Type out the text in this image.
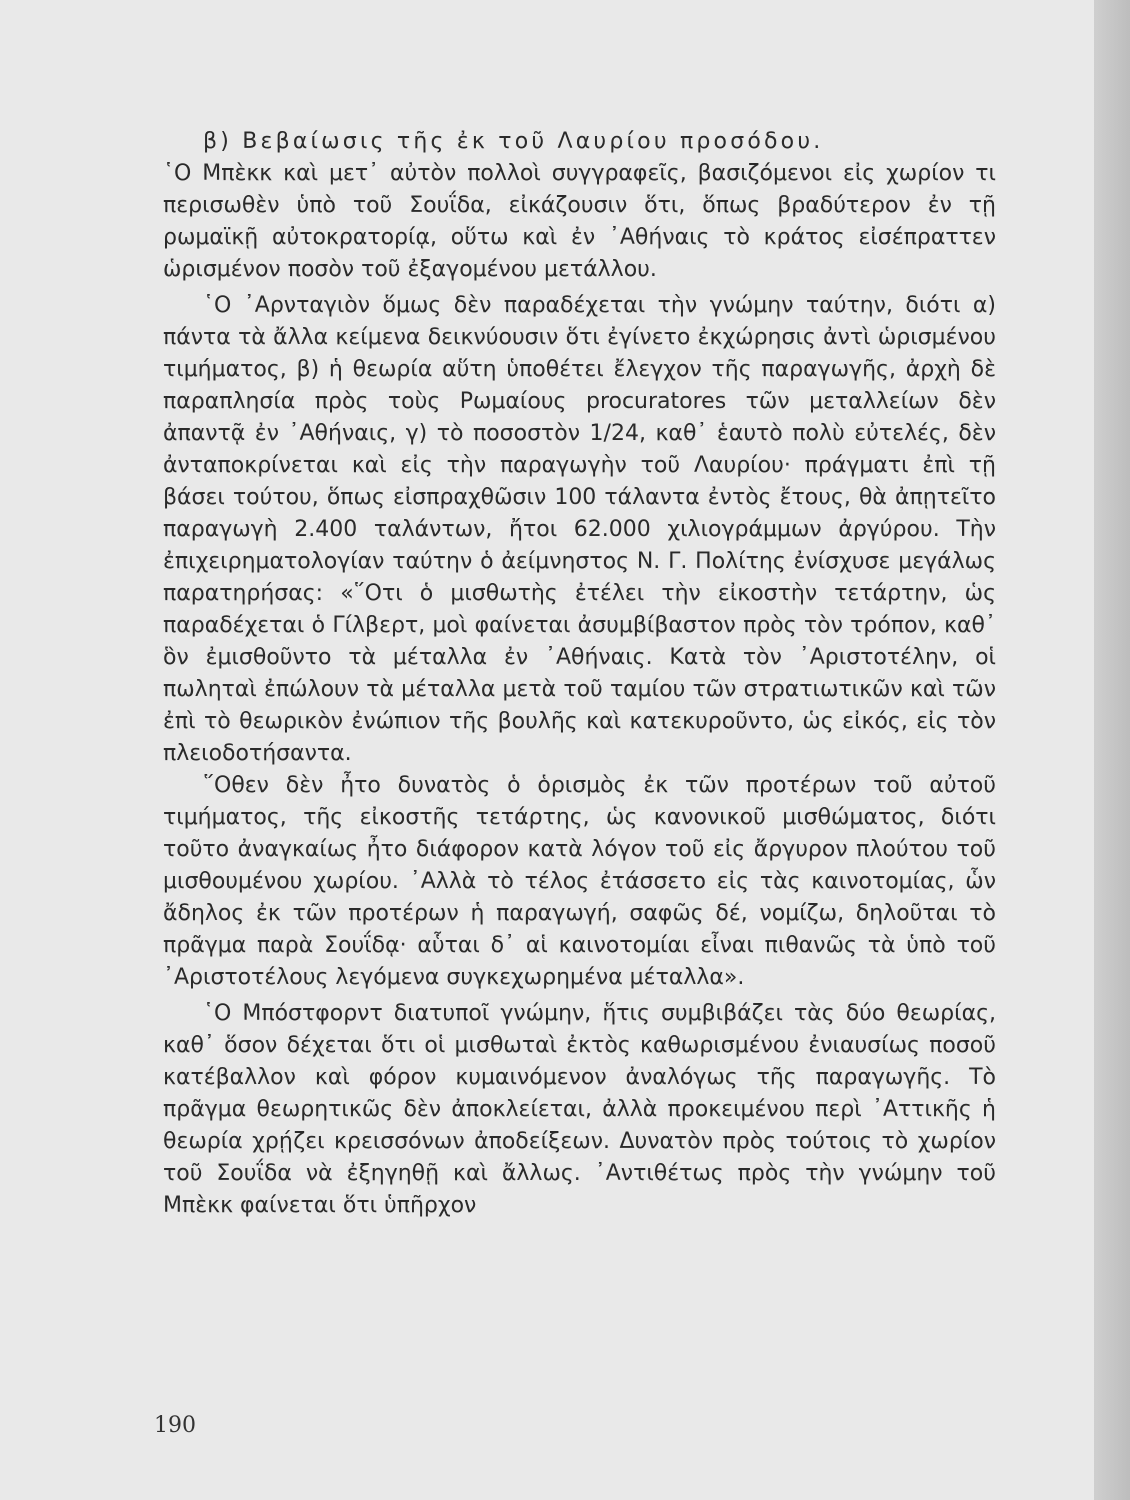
β) Βεβαίωσις τῆς ἐκ τοῦ Λαυρίου προσόδου.

῾Ο Μπὲκκ καὶ μετ᾽ αὐτὸν πολλοὶ συγγραφεῖς, βασιζόμενοι εἰς χωρίον τι περισωθὲν ὑπὸ τοῦ Σουΐδα, εἰκάζουσιν ὅτι, ὅπως βραδύτερον ἐν τῇ ρωμαϊκῇ αὐτοκρατορίᾳ, οὕτω καὶ ἐν ᾿Αθήναις τὸ κράτος εἰσέπραττεν ὡρισμένον ποσὸν τοῦ ἐξαγομένου μετάλλου.

῾Ο ᾿Αρνταγιὸν ὅμως δὲν παραδέχεται τὴν γνώμην ταύτην, διότι α) πάντα τὰ ἄλλα κείμενα δεικνύουσιν ὅτι ἐγίνετο ἐκχώρησις ἀντὶ ὡρισμένου τιμήματος, β) ἡ θεωρία αὕτη ὑποθέτει ἔλεγχον τῆς παραγωγῆς, ἀρχὴ δὲ παραπλησία πρὸς τοὺς Ρωμαίους procuratores τῶν μεταλλείων δὲν ἀπαντᾷ ἐν ᾿Αθήναις, γ) τὸ ποσοστὸν 1/24, καθ᾽ ἑαυτὸ πολὺ εὐτελές, δὲν ἀνταποκρίνεται καὶ εἰς τὴν παραγωγὴν τοῦ Λαυρίου· πράγματι ἐπὶ τῇ βάσει τούτου, ὅπως εἰσπραχθῶσιν 100 τάλαντα ἐντὸς ἔτους, θὰ ἀπῃτεῖτο παραγωγὴ 2.400 ταλάντων, ἤτοι 62.000 χιλιογράμμων ἀργύρου. Τὴν ἐπιχειρηματολογίαν ταύτην ὁ ἀείμνηστος Ν. Γ. Πολίτης ἐνίσχυσε μεγάλως παρατηρήσας: «῞Οτι ὁ μισθωτὴς ἐτέλει τὴν εἰκοστὴν τετάρτην, ὡς παραδέχεται ὁ Γίλβερτ, μοὶ φαίνεται ἀσυμβίβαστον πρὸς τὸν τρόπον, καθ᾽ ὃν ἐμισθοῦντο τὰ μέταλλα ἐν ᾿Αθήναις. Κατὰ τὸν ᾿Αριστοτέλην, οἱ πωληταὶ ἐπώλουν τὰ μέταλλα μετὰ τοῦ ταμίου τῶν στρατιωτικῶν καὶ τῶν ἐπὶ τὸ θεωρικὸν ἐνώπιον τῆς βουλῆς καὶ κατεκυροῦντο, ὡς εἰκός, εἰς τὸν πλειοδοτήσαντα.

῞Οθεν δὲν ἦτο δυνατὸς ὁ ὁρισμὸς ἐκ τῶν προτέρων τοῦ αὐτοῦ τιμήματος, τῆς εἰκοστῆς τετάρτης, ὡς κανονικοῦ μισθώματος, διότι τοῦτο ἀναγκαίως ἦτο διάφορον κατὰ λόγον τοῦ εἰς ἄργυρον πλούτου τοῦ μισθουμένου χωρίου. ᾿Αλλὰ τὸ τέλος ἐτάσσετο εἰς τὰς καινοτομίας, ὧν ἄδηλος ἐκ τῶν προτέρων ἡ παραγωγή, σαφῶς δέ, νομίζω, δηλοῦται τὸ πρᾶγμα παρὰ Σουΐδᾳ· αὗται δ᾽ αἱ καινοτομίαι εἶναι πιθανῶς τὰ ὑπὸ τοῦ ᾿Αριστοτέλους λεγόμενα συγκεχωρημένα μέταλλα».

῾Ο Μπόστφορντ διατυποῖ γνώμην, ἥτις συμβιβάζει τὰς δύο θεωρίας, καθ᾽ ὅσον δέχεται ὅτι οἱ μισθωταὶ ἐκτὸς καθωρισμένου ἐνιαυσίως ποσοῦ κατέβαλλον καὶ φόρον κυμαινόμενον ἀναλόγως τῆς παραγωγῆς. Τὸ πρᾶγμα θεωρητικῶς δὲν ἀποκλείεται, ἀλλὰ προκειμένου περὶ ᾿Αττικῆς ἡ θεωρία χρῄζει κρεισσόνων ἀποδείξεων. Δυνατὸν πρὸς τούτοις τὸ χωρίον τοῦ Σουΐδα νὰ ἐξηγηθῇ καὶ ἄλλως. ᾿Αντιθέτως πρὸς τὴν γνώμην τοῦ Μπὲκκ φαίνεται ὅτι ὑπῆρχον

190
